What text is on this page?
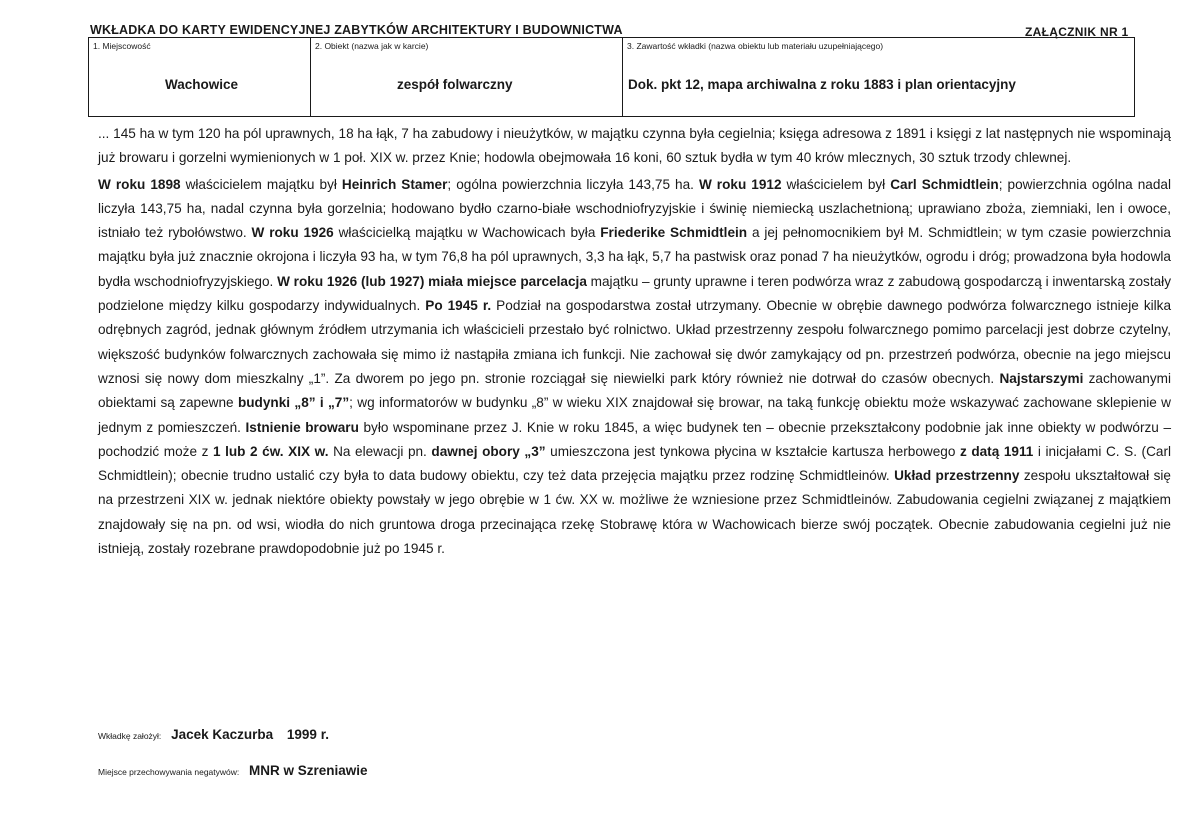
WKŁADKA DO KARTY EWIDENCYJNEJ ZABYTKÓW ARCHITEKTURY I BUDOWNICTWA	ZAŁĄCZNIK NR 1
1. Miejscowość
Wachowice

2. Obiekt (nazwa jak w karcie)
zespół folwarczny

3. Zawartość wkładki (nazwa obiektu lub materiału uzupełniającego)
Dok. pkt 12, mapa archiwalna z roku 1883 i plan orientacyjny

... 145 ha w tym 120 ha pól uprawnych, 18 ha łąk, 7 ha zabudowy i nieużytków, w majątku czynna była cegielnia; księga adresowa z 1891 i księgi z lat następnych nie wspominają już browaru i gorzelni wymienionych w 1 poł. XIX w. przez Knie; hodowla obejmowała 16 koni, 60 sztuk bydła w tym 40 krów mlecznych, 30 sztuk trzody chlewnej.

W roku 1898 właścicielem majątku był Heinrich Stamer; ogólna powierzchnia liczyła 143,75 ha. W roku 1912 właścicielem był Carl Schmidtlein; powierzchnia ogólna nadal liczyła 143,75 ha, nadal czynna była gorzelnia; hodowano bydło czarno-białe wschodniofryzyjskie i świnię niemiecką uszlachetnioną; uprawiano zboża, ziemniaki, len i owoce, istniało też rybołówstwo. W roku 1926 właścicielką majątku w Wachowicach była Friederike Schmidtlein a jej pełnomocnikiem był M. Schmidtlein; w tym czasie powierzchnia majątku była już znacznie okrojona i liczyła 93 ha, w tym 76,8 ha pól uprawnych, 3,3 ha łąk, 5,7 ha pastwisk oraz ponad 7 ha nieużytków, ogrodu i dróg; prowadzona była hodowla bydła wschodniofryzyjskiego. W roku 1926 (lub 1927) miała miejsce parcelacja majątku – grunty uprawne i teren podwórza wraz z zabudową gospodarczą i inwentarską zostały podzielone między kilku gospodarzy indywidualnych. Po 1945 r. Podział na gospodarstwa został utrzymany. Obecnie w obrębie dawnego podwórza folwarcznego istnieje kilka odrębnych zagród, jednak głównym źródłem utrzymania ich właścicieli przestało być rolnictwo. Układ przestrzenny zespołu folwarcznego pomimo parcelacji jest dobrze czytelny, większość budynków folwarcznych zachowała się mimo iż nastąpiła zmiana ich funkcji. Nie zachował się dwór zamykający od pn. przestrzeń podwórza, obecnie na jego miejscu wznosi się nowy dom mieszkalny „1”. Za dworem po jego pn. stronie rozciągał się niewielki park który również nie dotrwał do czasów obecnych. Najstarszymi zachowanymi obiektami są zapewne budynki „8” i „7”; wg informatorów w budynku „8” w wieku XIX znajdował się browar, na taką funkcję obiektu może wskazywać zachowane sklepienie w jednym z pomieszczeń. Istnienie browaru było wspominane przez J. Knie w roku 1845, a więc budynek ten – obecnie przekształcony podobnie jak inne obiekty w podwórzu – pochodzić może z 1 lub 2 ćw. XIX w. Na elewacji pn. dawnej obory „3” umieszczona jest tynkowa płycina w kształcie kartusza herbowego z datą 1911 i inicjałami C. S. (Carl Schmidtlein); obecnie trudno ustalić czy była to data budowy obiektu, czy też data przejęcia majątku przez rodzinę Schmidtleinów. Układ przestrzenny zespołu ukształtował się na przestrzeni XIX w. jednak niektóre obiekty powstały w jego obrębie w 1 ćw. XX w. możliwe że wzniesione przez Schmidtleinów. Zabudowania cegielni związanej z majątkiem znajdowały się na pn. od wsi, wiodła do nich gruntowa droga przecinająca rzekę Stobrawę która w Wachowicach bierze swój początek. Obecnie zabudowania cegielni już nie istnieją, zostały rozebrane prawdopodobnie już po 1945 r.

Wkładkę założył: Jacek Kaczurba 1999 r.
Miejsce przechowywania negatywów: MNR w Szreniawie
